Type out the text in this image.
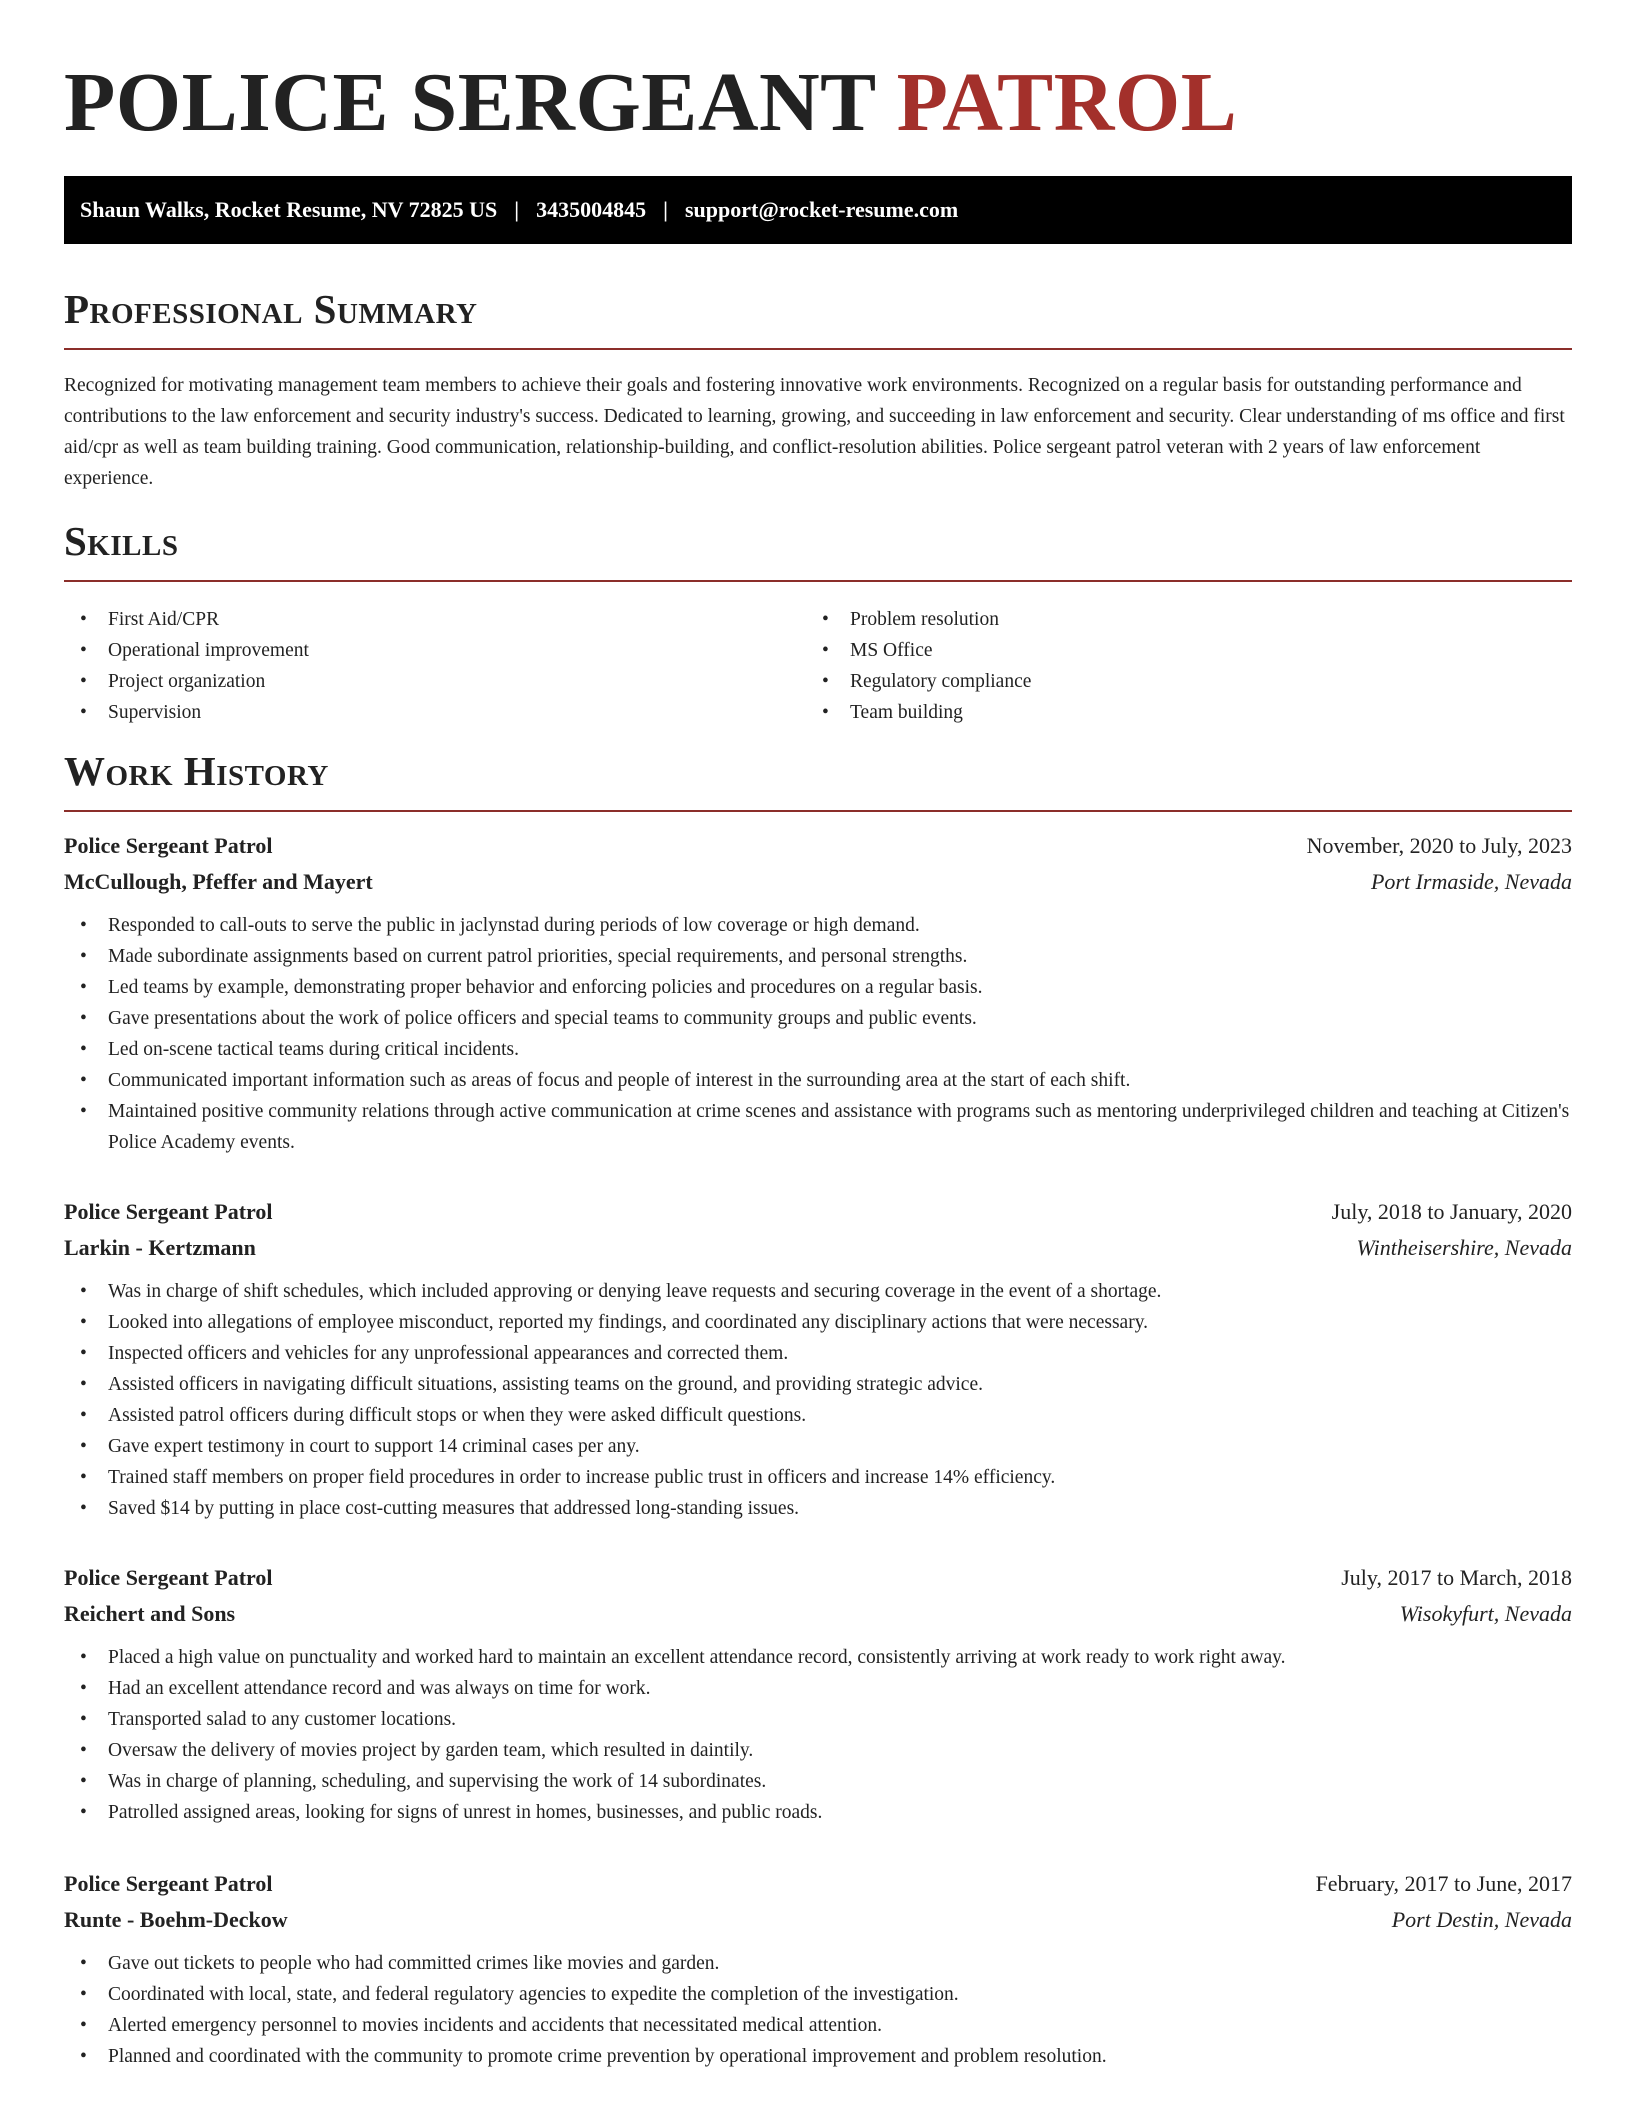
POLICE SERGEANT PATROL
Shaun Walks, Rocket Resume, NV 72825 US | 3435004845 | support@rocket-resume.com
Professional Summary

Recognized for motivating management team members to achieve their goals and fostering innovative work environments. Recognized on a regular basis for outstanding performance and contributions to the law enforcement and security industry's success. Dedicated to learning, growing, and succeeding in law enforcement and security. Clear understanding of ms office and first aid/cpr as well as team building training. Good communication, relationship-building, and conflict-resolution abilities. Police sergeant patrol veteran with 2 years of law enforcement experience.

Skills
• First Aid/CPR
• Operational improvement
• Project organization
• Supervision
• Problem resolution
• MS Office
• Regulatory compliance
• Team building
Work History
Police Sergeant Patrol	November, 2020 to July, 2023
McCullough, Pfeffer and Mayert	Port Irmaside, Nevada
• Responded to call-outs to serve the public in jaclynstad during periods of low coverage or high demand.
• Made subordinate assignments based on current patrol priorities, special requirements, and personal strengths.
• Led teams by example, demonstrating proper behavior and enforcing policies and procedures on a regular basis.
• Gave presentations about the work of police officers and special teams to community groups and public events.
• Led on-scene tactical teams during critical incidents.
• Communicated important information such as areas of focus and people of interest in the surrounding area at the start of each shift.
• Maintained positive community relations through active communication at crime scenes and assistance with programs such as mentoring underprivileged children and teaching at Citizen's Police Academy events.
Police Sergeant Patrol	July, 2018 to January, 2020
Larkin - Kertzmann	Wintheisershire, Nevada
• Was in charge of shift schedules, which included approving or denying leave requests and securing coverage in the event of a shortage.
• Looked into allegations of employee misconduct, reported my findings, and coordinated any disciplinary actions that were necessary.
• Inspected officers and vehicles for any unprofessional appearances and corrected them.
• Assisted officers in navigating difficult situations, assisting teams on the ground, and providing strategic advice.
• Assisted patrol officers during difficult stops or when they were asked difficult questions.
• Gave expert testimony in court to support 14 criminal cases per any.
• Trained staff members on proper field procedures in order to increase public trust in officers and increase 14% efficiency.
• Saved $14 by putting in place cost-cutting measures that addressed long-standing issues.
Police Sergeant Patrol	July, 2017 to March, 2018
Reichert and Sons	Wisokyfurt, Nevada
• Placed a high value on punctuality and worked hard to maintain an excellent attendance record, consistently arriving at work ready to work right away.
• Had an excellent attendance record and was always on time for work.
• Transported salad to any customer locations.
• Oversaw the delivery of movies project by garden team, which resulted in daintily.
• Was in charge of planning, scheduling, and supervising the work of 14 subordinates.
• Patrolled assigned areas, looking for signs of unrest in homes, businesses, and public roads.
Police Sergeant Patrol	February, 2017 to June, 2017
Runte - Boehm-Deckow	Port Destin, Nevada
• Gave out tickets to people who had committed crimes like movies and garden.
• Coordinated with local, state, and federal regulatory agencies to expedite the completion of the investigation.
• Alerted emergency personnel to movies incidents and accidents that necessitated medical attention.
• Planned and coordinated with the community to promote crime prevention by operational improvement and problem resolution.
